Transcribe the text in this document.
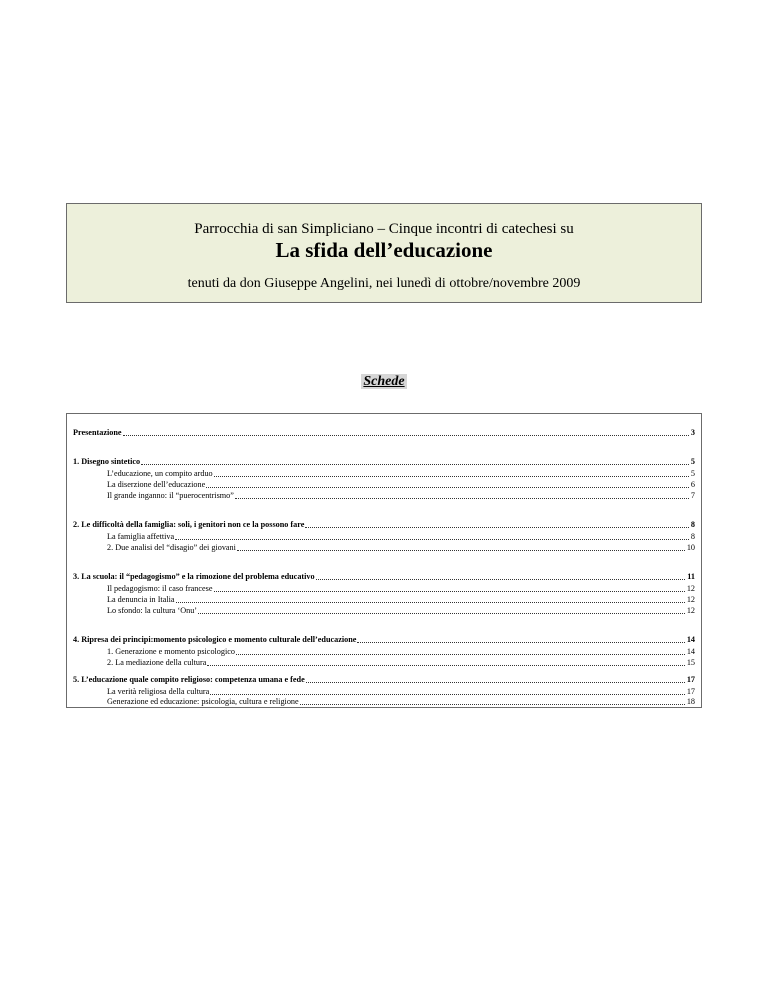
Parrocchia di san Simpliciano – Cinque incontri di catechesi su
La sfida dell’educazione
tenuti da don Giuseppe Angelini, nei lunedì di ottobre/novembre 2009
Schede
Presentazione	3
1. Disegno sintetico	5
L’educazione, un compito arduo	5
La diserzione dell’educazione	6
Il grande inganno: il “puerocentrismo”	7
2. Le difficoltà della famiglia: soli, i genitori non ce la possono fare	8
La famiglia affettiva	8
2. Due analisi del “disagio” dei giovani	10
3. La scuola: il “pedagogismo” e la rimozione del problema educativo	11
Il pedagogismo: il caso francese	12
La denuncia in Italia	12
Lo sfondo: la cultura ‘Onu’	12
4. Ripresa dei principi:momento psicologico e momento culturale dell’educazione	14
1. Generazione e momento psicologico	14
2. La mediazione della cultura	15
5. L’educazione quale compito religioso: competenza umana e fede	17
La verità religiosa della cultura	17
Generazione ed educazione: psicologia, cultura e religione	18
